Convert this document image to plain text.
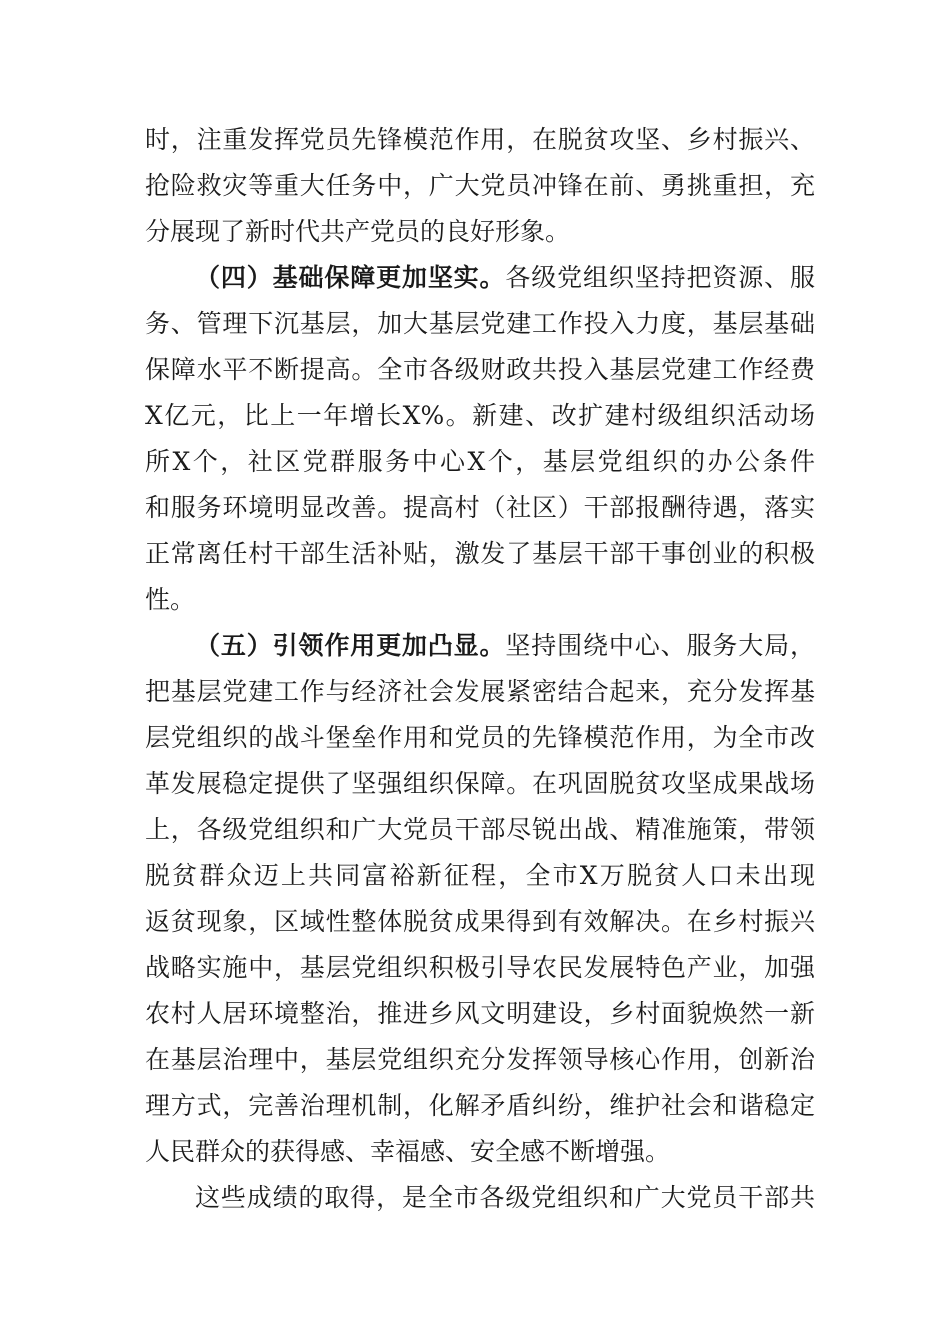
时，注重发挥党员先锋模范作用，在脱贫攻坚、乡村振兴、
抢险救灾等重大任务中，广大党员冲锋在前、勇挑重担，充
分展现了新时代共产党员的良好形象。
（四）基础保障更加坚实。各级党组织坚持把资源、服
务、管理下沉基层，加大基层党建工作投入力度，基层基础
保障水平不断提高。全市各级财政共投入基层党建工作经费
X亿元，比上一年增长X%。新建、改扩建村级组织活动场
所X个，社区党群服务中心X个，基层党组织的办公条件
和服务环境明显改善。提高村（社区）干部报酬待遇，落实
正常离任村干部生活补贴，激发了基层干部干事创业的积极
性。
（五）引领作用更加凸显。坚持围绕中心、服务大局，
把基层党建工作与经济社会发展紧密结合起来，充分发挥基
层党组织的战斗堡垒作用和党员的先锋模范作用，为全市改
革发展稳定提供了坚强组织保障。在巩固脱贫攻坚成果战场
上，各级党组织和广大党员干部尽锐出战、精准施策，带领
脱贫群众迈上共同富裕新征程，全市X万脱贫人口未出现
返贫现象，区域性整体脱贫成果得到有效解决。在乡村振兴
战略实施中，基层党组织积极引导农民发展特色产业，加强
农村人居环境整治，推进乡风文明建设，乡村面貌焕然一新
在基层治理中，基层党组织充分发挥领导核心作用，创新治
理方式，完善治理机制，化解矛盾纠纷，维护社会和谐稳定
人民群众的获得感、幸福感、安全感不断增强。
这些成绩的取得，是全市各级党组织和广大党员干部共
